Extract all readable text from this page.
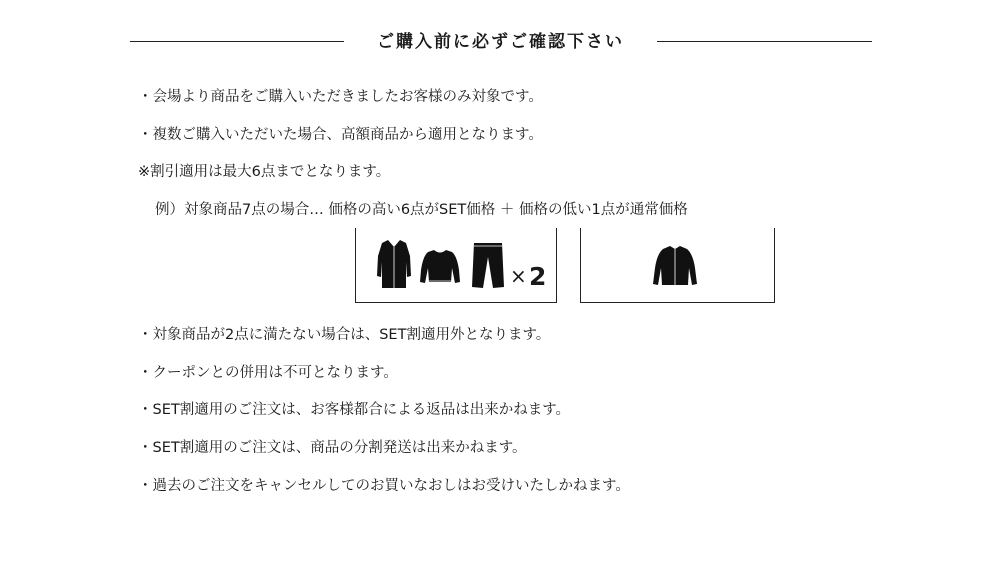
ご購入前に必ずご確認下さい
・会場より商品をご購入いただきましたお客様のみ対象です。
・複数ご購入いただいた場合、高額商品から適用となります。
※割引適用は最大6点までとなります。
例）対象商品7点の場合… 価格の高い6点がSET価格 ＋ 価格の低い1点が通常価格
× 2
・対象商品が2点に満たない場合は、SET割適用外となります。
・クーポンとの併用は不可となります。
・SET割適用のご注文は、お客様都合による返品は出来かねます。
・SET割適用のご注文は、商品の分割発送は出来かねます。
・過去のご注文をキャンセルしてのお買いなおしはお受けいたしかねます。
